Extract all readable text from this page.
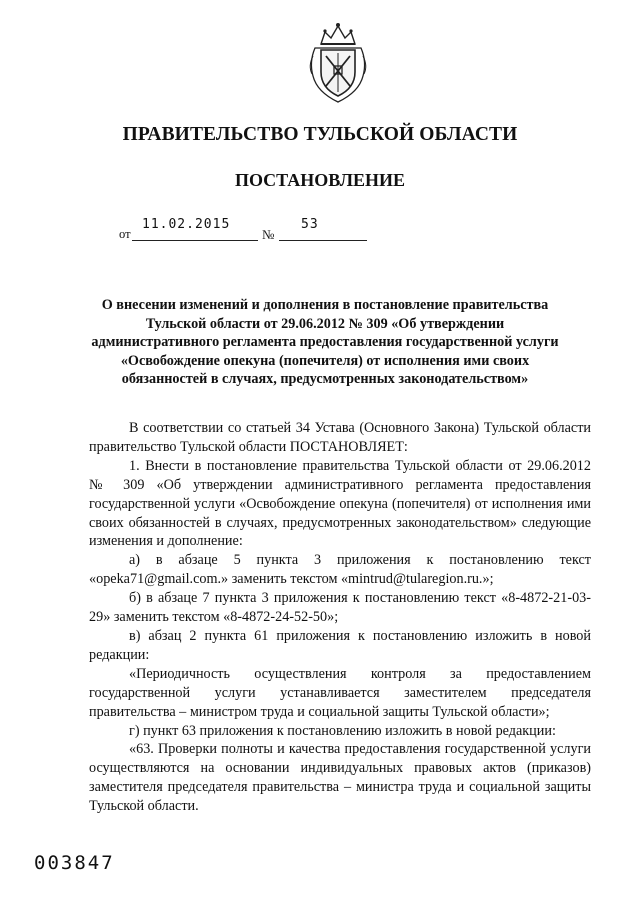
ПРАВИТЕЛЬСТВО ТУЛЬСКОЙ ОБЛАСТИ
ПОСТАНОВЛЕНИЕ
от
11.02.2015
№
53
О внесении изменений и дополнения в постановление правительства Тульской области от 29.06.2012 № 309 «Об утверждении административного регламента предоставления государственной услуги «Освобождение опекуна (попечителя) от исполнения ими своих обязанностей в случаях, предусмотренных законодательством»

В соответствии со статьей 34 Устава (Основного Закона) Тульской области правительство Тульской области ПОСТАНОВЛЯЕТ:

1. Внести в постановление правительства Тульской области от 29.06.2012 № 309 «Об утверждении административного регламента предоставления государственной услуги «Освобождение опекуна (попечителя) от исполнения ими своих обязанностей в случаях, предусмотренных законодательством» следующие изменения и дополнение:

а) в абзаце 5 пункта 3 приложения к постановлению текст «opeka71@gmail.com.» заменить текстом «mintrud@tularegion.ru.»;

б) в абзаце 7 пункта 3 приложения к постановлению текст «8-4872-21-03-29» заменить текстом «8-4872-24-52-50»;

в) абзац 2 пункта 61 приложения к постановлению изложить в новой редакции:

«Периодичность осуществления контроля за предоставлением государственной услуги устанавливается заместителем председателя правительства – министром труда и социальной защиты Тульской области»;

г) пункт 63 приложения к постановлению изложить в новой редакции:

«63. Проверки полноты и качества предоставления государственной услуги осуществляются на основании индивидуальных правовых актов (приказов) заместителя председателя правительства – министра труда и социальной защиты Тульской области.

003847
